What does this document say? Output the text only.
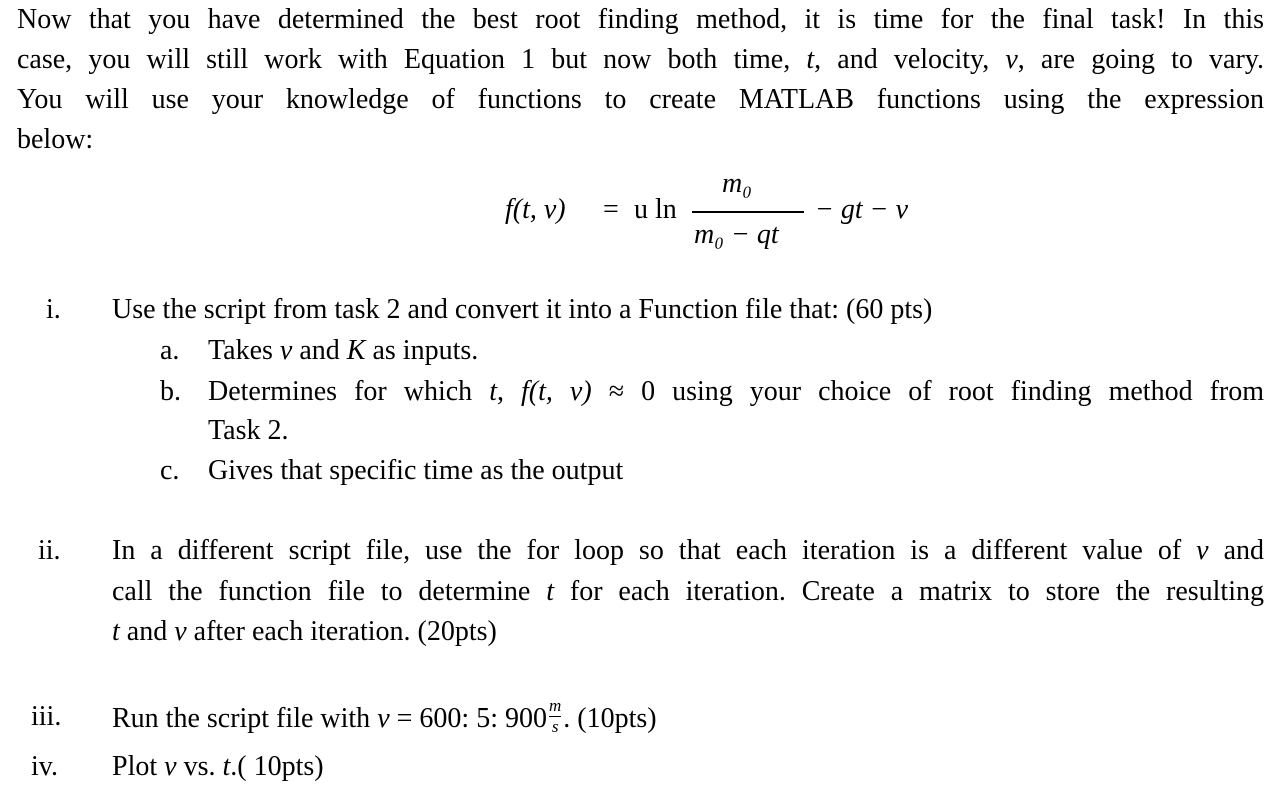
Now that you have determined the best root finding method, it is time for the final task! In this
case, you will still work with Equation 1 but now both time, t, and velocity, v, are going to vary.
You will use your knowledge of functions to create MATLAB functions using the expression
below:
f(t, v) = u ln
m₀
m₀ − qt
− gt − v
i. Use the script from task 2 and convert it into a Function file that: (60 pts)
a. Takes v and K as inputs.
b. Determines for which t, f(t, v) ≈ 0 using your choice of root finding method from
Task 2.
c. Gives that specific time as the output
ii. In a different script file, use the for loop so that each iteration is a different value of v and
call the function file to determine t for each iteration. Create a matrix to store the resulting
t and v after each iteration. (20pts)
iii. Run the script file with v = 600: 5: $900 \frac{m}{s}$. (10pts)
iv. Plot v vs. t.( 10pts)
